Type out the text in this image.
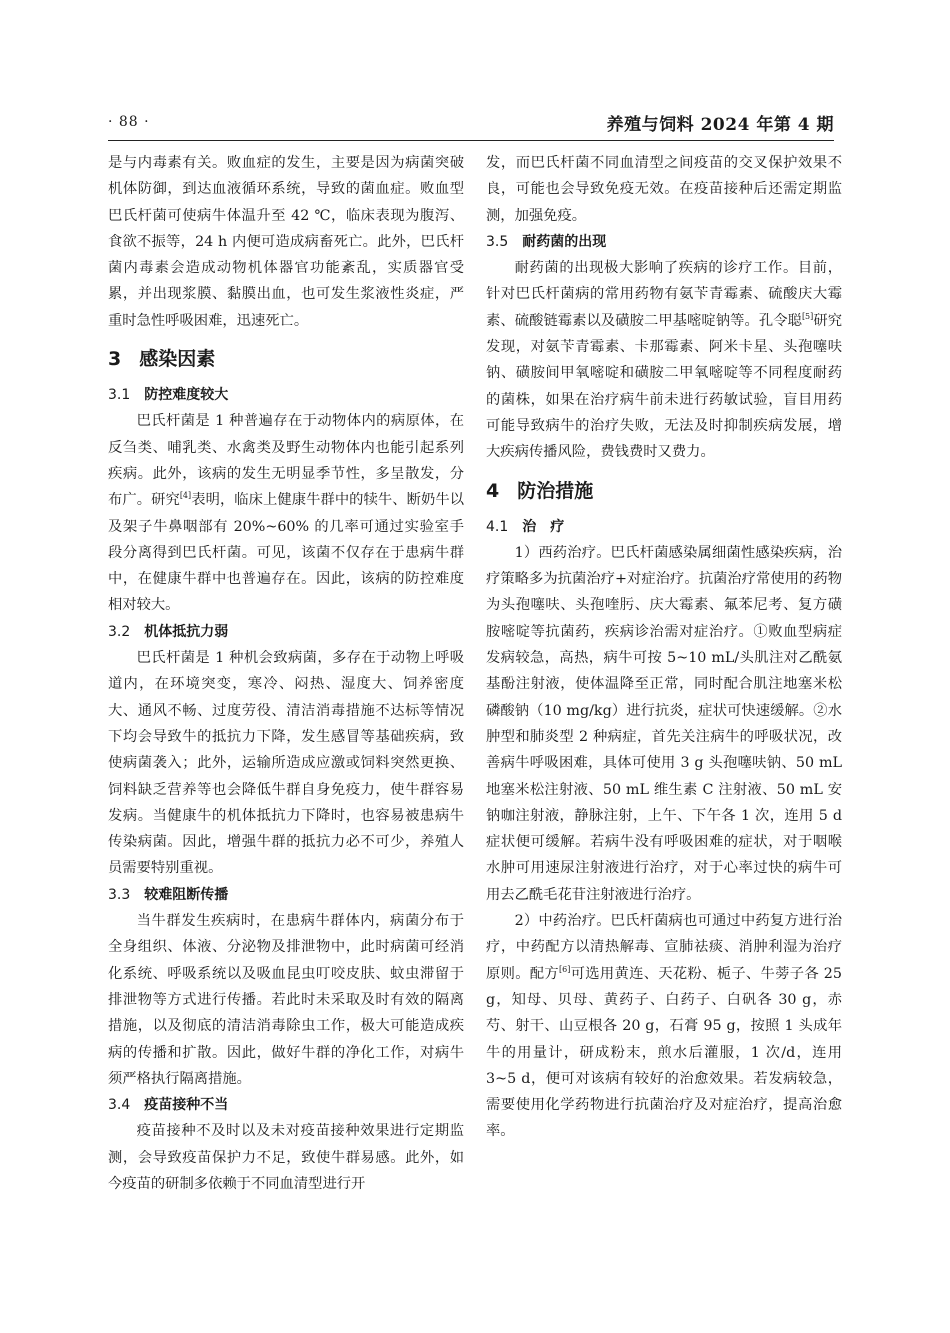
· 88 ·	养殖与饲料 2024 年第 4 期

是与内毒素有关。败血症的发生，主要是因为病菌突破机体防御，到达血液循环系统，导致的菌血症。败血型巴氏杆菌可使病牛体温升至 42 ℃，临床表现为腹泻、食欲不振等，24 h 内便可造成病畜死亡。此外，巴氏杆菌内毒素会造成动物机体器官功能紊乱，实质器官受累，并出现浆膜、黏膜出血，也可发生浆液性炎症，严重时急性呼吸困难，迅速死亡。

3 感染因素
3.1 防控难度较大

巴氏杆菌是 1 种普遍存在于动物体内的病原体，在反刍类、哺乳类、水禽类及野生动物体内也能引起系列疾病。此外，该病的发生无明显季节性，多呈散发，分布广。研究[4]表明，临床上健康牛群中的犊牛、断奶牛以及架子牛鼻咽部有 20%~60% 的几率可通过实验室手段分离得到巴氏杆菌。可见，该菌不仅存在于患病牛群中，在健康牛群中也普遍存在。因此，该病的防控难度相对较大。

3.2 机体抵抗力弱

巴氏杆菌是 1 种机会致病菌，多存在于动物上呼吸道内，在环境突变，寒冷、闷热、湿度大、饲养密度大、通风不畅、过度劳役、清洁消毒措施不达标等情况下均会导致牛的抵抗力下降，发生感冒等基础疾病，致使病菌袭入；此外，运输所造成应激或饲料突然更换、饲料缺乏营养等也会降低牛群自身免疫力，使牛群容易发病。当健康牛的机体抵抗力下降时，也容易被患病牛传染病菌。因此，增强牛群的抵抗力必不可少，养殖人员需要特别重视。

3.3 较难阻断传播

当牛群发生疾病时，在患病牛群体内，病菌分布于全身组织、体液、分泌物及排泄物中，此时病菌可经消化系统、呼吸系统以及吸血昆虫叮咬皮肤、蚊虫滞留于排泄物等方式进行传播。若此时未采取及时有效的隔离措施，以及彻底的清洁消毒除虫工作，极大可能造成疾病的传播和扩散。因此，做好牛群的净化工作，对病牛须严格执行隔离措施。

3.4 疫苗接种不当

疫苗接种不及时以及未对疫苗接种效果进行定期监测，会导致疫苗保护力不足，致使牛群易感。此外，如今疫苗的研制多依赖于不同血清型进行开

发，而巴氏杆菌不同血清型之间疫苗的交叉保护效果不良，可能也会导致免疫无效。在疫苗接种后还需定期监测，加强免疫。

3.5 耐药菌的出现

耐药菌的出现极大影响了疾病的诊疗工作。目前，针对巴氏杆菌病的常用药物有氨苄青霉素、硫酸庆大霉素、硫酸链霉素以及磺胺二甲基嘧啶钠等。孔令聪[5]研究发现，对氨苄青霉素、卡那霉素、阿米卡星、头孢噻呋钠、磺胺间甲氧嘧啶和磺胺二甲氧嘧啶等不同程度耐药的菌株，如果在治疗病牛前未进行药敏试验，盲目用药可能导致病牛的治疗失败，无法及时抑制疾病发展，增大疾病传播风险，费钱费时又费力。

4 防治措施
4.1 治　疗

1）西药治疗。巴氏杆菌感染属细菌性感染疾病，治疗策略多为抗菌治疗+对症治疗。抗菌治疗常使用的药物为头孢噻呋、头孢喹肟、庆大霉素、氟苯尼考、复方磺胺嘧啶等抗菌药，疾病诊治需对症治疗。①败血型病症发病较急，高热，病牛可按 5~10 mL/头肌注对乙酰氨基酚注射液，使体温降至正常，同时配合肌注地塞米松磷酸钠（10 mg/kg）进行抗炎，症状可快速缓解。②水肿型和肺炎型 2 种病症，首先关注病牛的呼吸状况，改善病牛呼吸困难，具体可使用 3 g 头孢噻呋钠、50 mL 地塞米松注射液、50 mL 维生素 C 注射液、50 mL 安钠咖注射液，静脉注射，上午、下午各 1 次，连用 5 d 症状便可缓解。若病牛没有呼吸困难的症状，对于咽喉水肿可用速尿注射液进行治疗，对于心率过快的病牛可用去乙酰毛花苷注射液进行治疗。

2）中药治疗。巴氏杆菌病也可通过中药复方进行治疗，中药配方以清热解毒、宣肺祛痰、消肿利湿为治疗原则。配方[6]可选用黄连、天花粉、栀子、牛蒡子各 25 g，知母、贝母、黄药子、白药子、白矾各 30 g，赤芍、射干、山豆根各 20 g，石膏 95 g，按照 1 头成年牛的用量计，研成粉末，煎水后灌服，1 次/d，连用 3~5 d，便可对该病有较好的治愈效果。若发病较急，需要使用化学药物进行抗菌治疗及对症治疗，提高治愈率。
